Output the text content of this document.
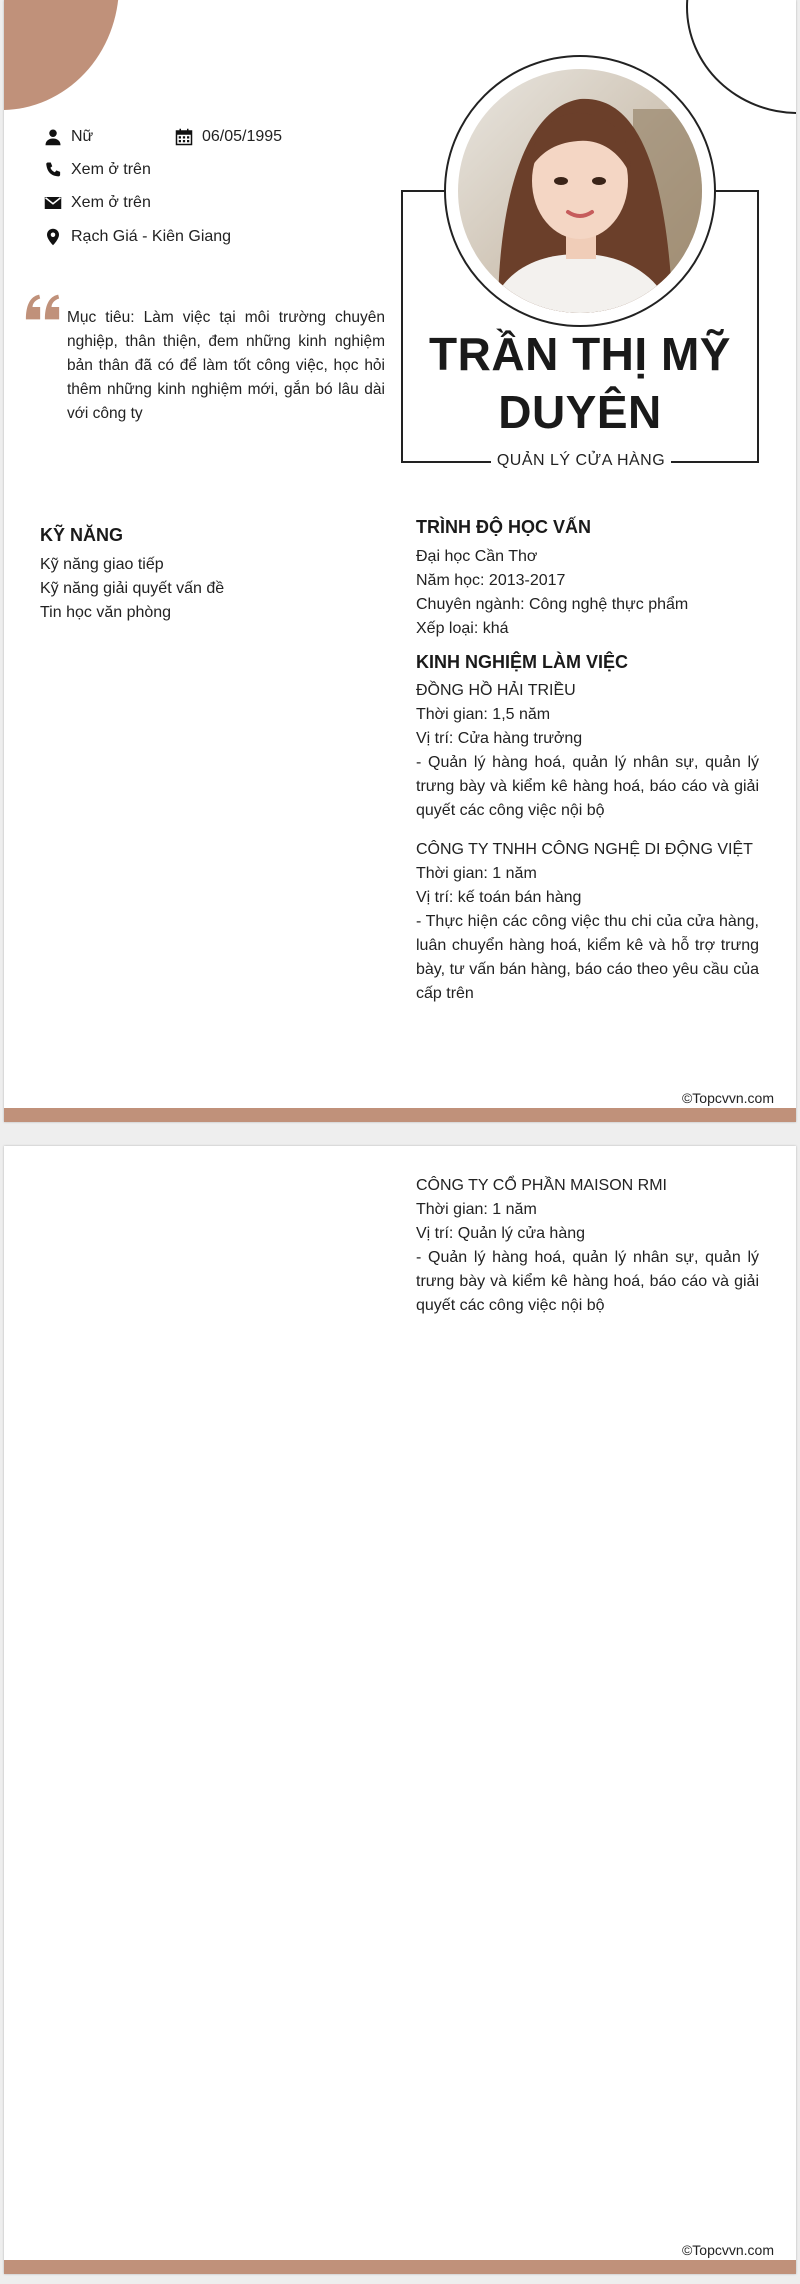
Nữ	06/05/1995
Xem ở trên
Xem ở trên
Rạch Giá - Kiên Giang
Mục tiêu: Làm việc tại môi trường chuyên nghiệp, thân thiện, đem những kinh nghiệm bản thân đã có để làm tốt công việc, học hỏi thêm những kinh nghiệm mới, gắn bó lâu dài với công ty
TRẦN THỊ MỸ DUYÊN
QUẢN LÝ CỬA HÀNG
KỸ NĂNG
Kỹ năng giao tiếp
Kỹ năng giải quyết vấn đề
Tin học văn phòng
TRÌNH ĐỘ HỌC VẤN
Đại học Cần Thơ
Năm học: 2013-2017
Chuyên ngành: Công nghệ thực phẩm
Xếp loại: khá
KINH NGHIỆM LÀM VIỆC
ĐỒNG HỒ HẢI TRIỀU
Thời gian: 1,5 năm
Vị trí: Cửa hàng trưởng
- Quản lý hàng hoá, quản lý nhân sự, quản lý trưng bày và kiểm kê hàng hoá, báo cáo và giải quyết các công việc nội bộ
CÔNG TY TNHH CÔNG NGHỆ DI ĐỘNG VIỆT
Thời gian: 1 năm
Vị trí: kế toán bán hàng
- Thực hiện các công việc thu chi của cửa hàng, luân chuyển hàng hoá, kiểm kê và hỗ trợ trưng bày, tư vấn bán hàng, báo cáo theo yêu cầu của cấp trên
©Topcvvn.com
CÔNG TY CỔ PHẦN MAISON RMI
Thời gian: 1 năm
Vị trí: Quản lý cửa hàng
- Quản lý hàng hoá, quản lý nhân sự, quản lý trưng bày và kiểm kê hàng hoá, báo cáo và giải quyết các công việc nội bộ
©Topcvvn.com
